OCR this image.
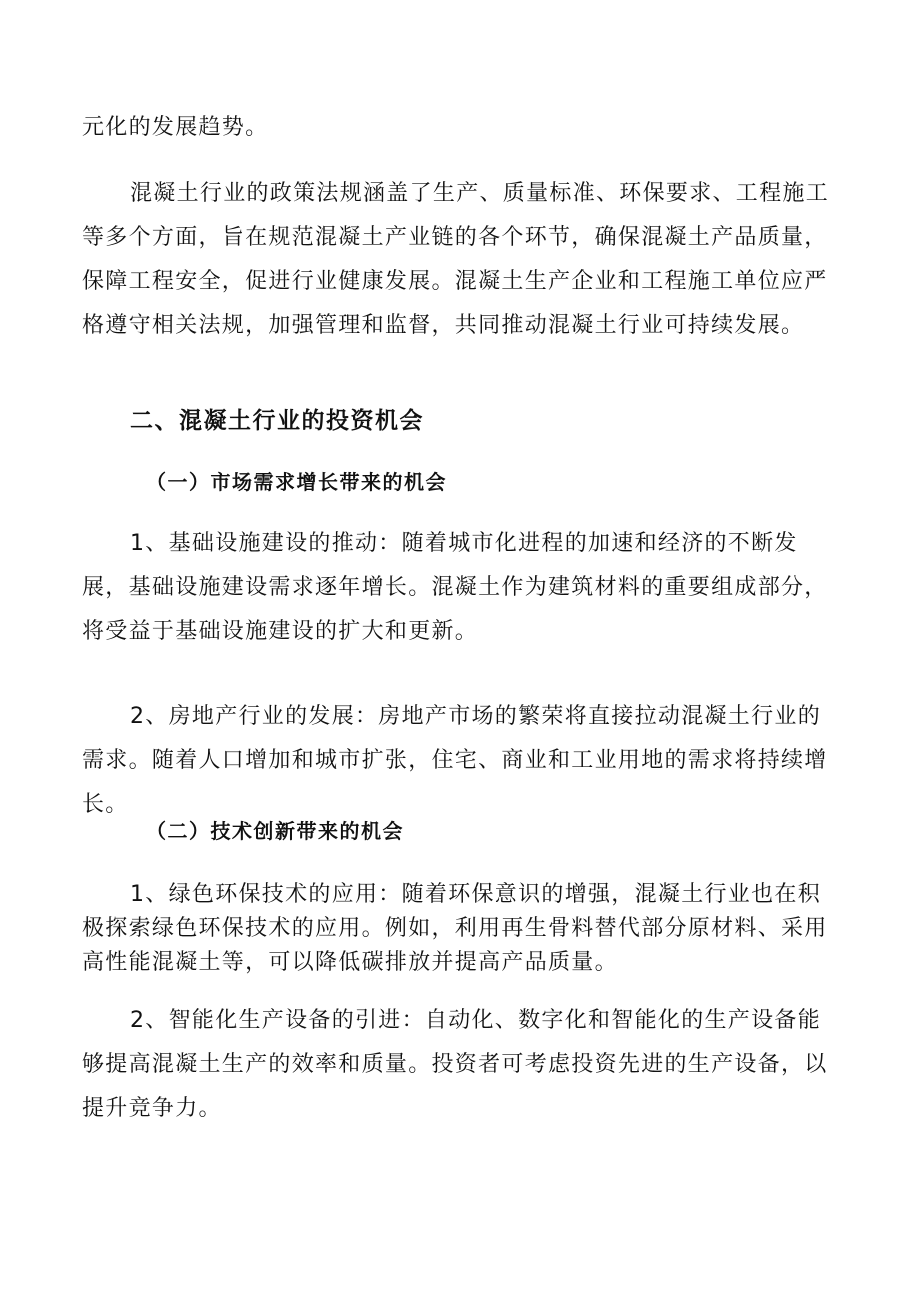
元化的发展趋势。

混凝土行业的政策法规涵盖了生产、质量标准、环保要求、工程施工等多个方面，旨在规范混凝土产业链的各个环节，确保混凝土产品质量，保障工程安全，促进行业健康发展。混凝土生产企业和工程施工单位应严格遵守相关法规，加强管理和监督，共同推动混凝土行业可持续发展。

二、混凝土行业的投资机会
（一）市场需求增长带来的机会

1、基础设施建设的推动：随着城市化进程的加速和经济的不断发展，基础设施建设需求逐年增长。混凝土作为建筑材料的重要组成部分，将受益于基础设施建设的扩大和更新。

2、房地产行业的发展：房地产市场的繁荣将直接拉动混凝土行业的需求。随着人口增加和城市扩张，住宅、商业和工业用地的需求将持续增长。

（二）技术创新带来的机会

1、绿色环保技术的应用：随着环保意识的增强，混凝土行业也在积极探索绿色环保技术的应用。例如，利用再生骨料替代部分原材料、采用高性能混凝土等，可以降低碳排放并提高产品质量。

2、智能化生产设备的引进：自动化、数字化和智能化的生产设备能够提高混凝土生产的效率和质量。投资者可考虑投资先进的生产设备，以提升竞争力。
